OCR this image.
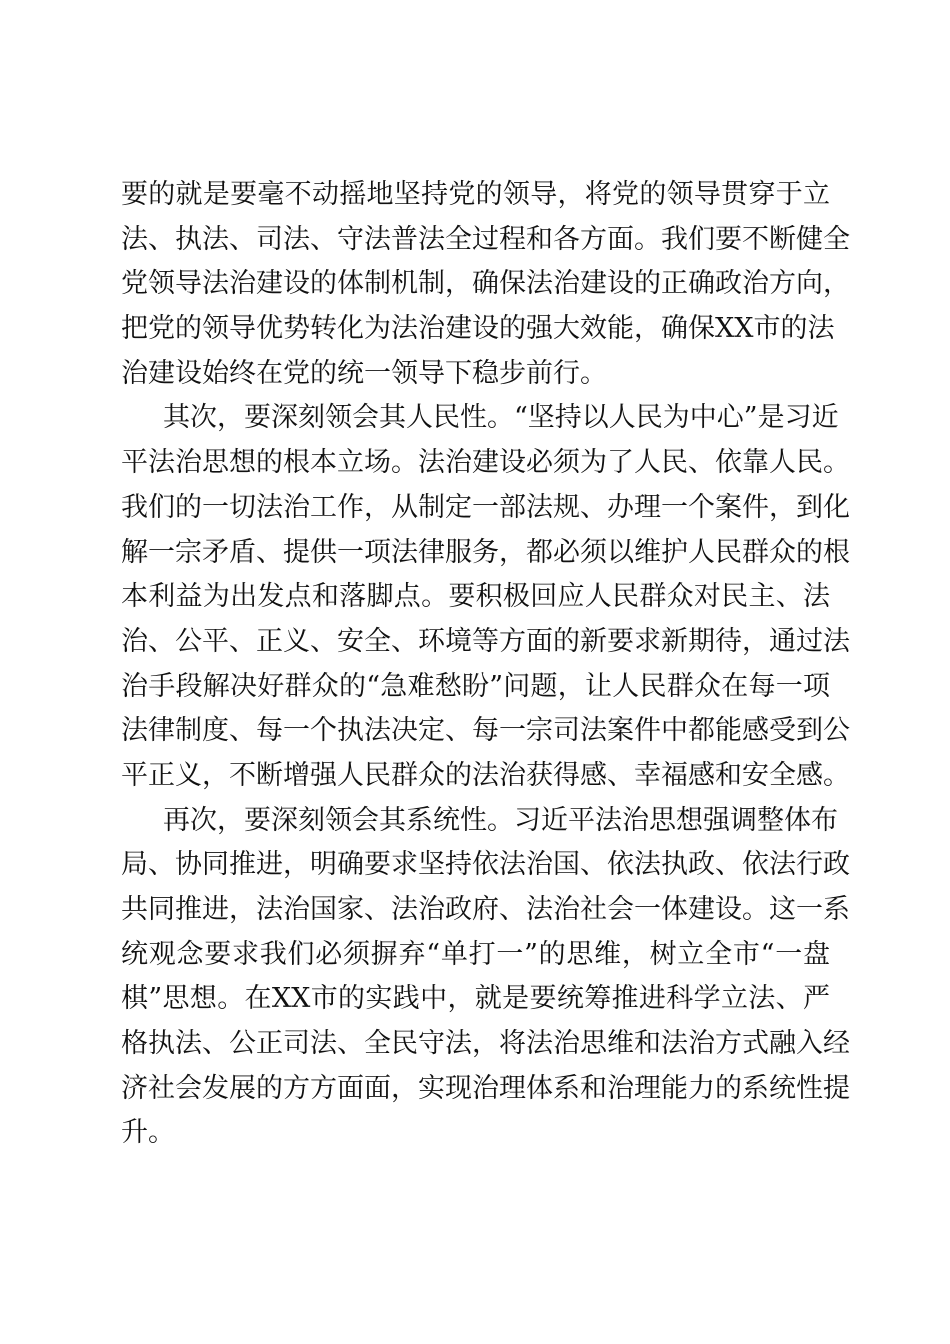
要的就是要毫不动摇地坚持党的领导，将党的领导贯穿于立
法、执法、司法、守法普法全过程和各方面。我们要不断健全
党领导法治建设的体制机制，确保法治建设的正确政治方向，
把党的领导优势转化为法治建设的强大效能，确保XX市的法
治建设始终在党的统一领导下稳步前行。
其次，要深刻领会其人民性。“坚持以人民为中心”是习近
平法治思想的根本立场。法治建设必须为了人民、依靠人民。
我们的一切法治工作，从制定一部法规、办理一个案件，到化
解一宗矛盾、提供一项法律服务，都必须以维护人民群众的根
本利益为出发点和落脚点。要积极回应人民群众对民主、法
治、公平、正义、安全、环境等方面的新要求新期待，通过法
治手段解决好群众的“急难愁盼”问题，让人民群众在每一项
法律制度、每一个执法决定、每一宗司法案件中都能感受到公
平正义，不断增强人民群众的法治获得感、幸福感和安全感。
再次，要深刻领会其系统性。习近平法治思想强调整体布
局、协同推进，明确要求坚持依法治国、依法执政、依法行政
共同推进，法治国家、法治政府、法治社会一体建设。这一系
统观念要求我们必须摒弃“单打一”的思维，树立全市“一盘
棋”思想。在XX市的实践中，就是要统筹推进科学立法、严
格执法、公正司法、全民守法，将法治思维和法治方式融入经
济社会发展的方方面面，实现治理体系和治理能力的系统性提
升。
